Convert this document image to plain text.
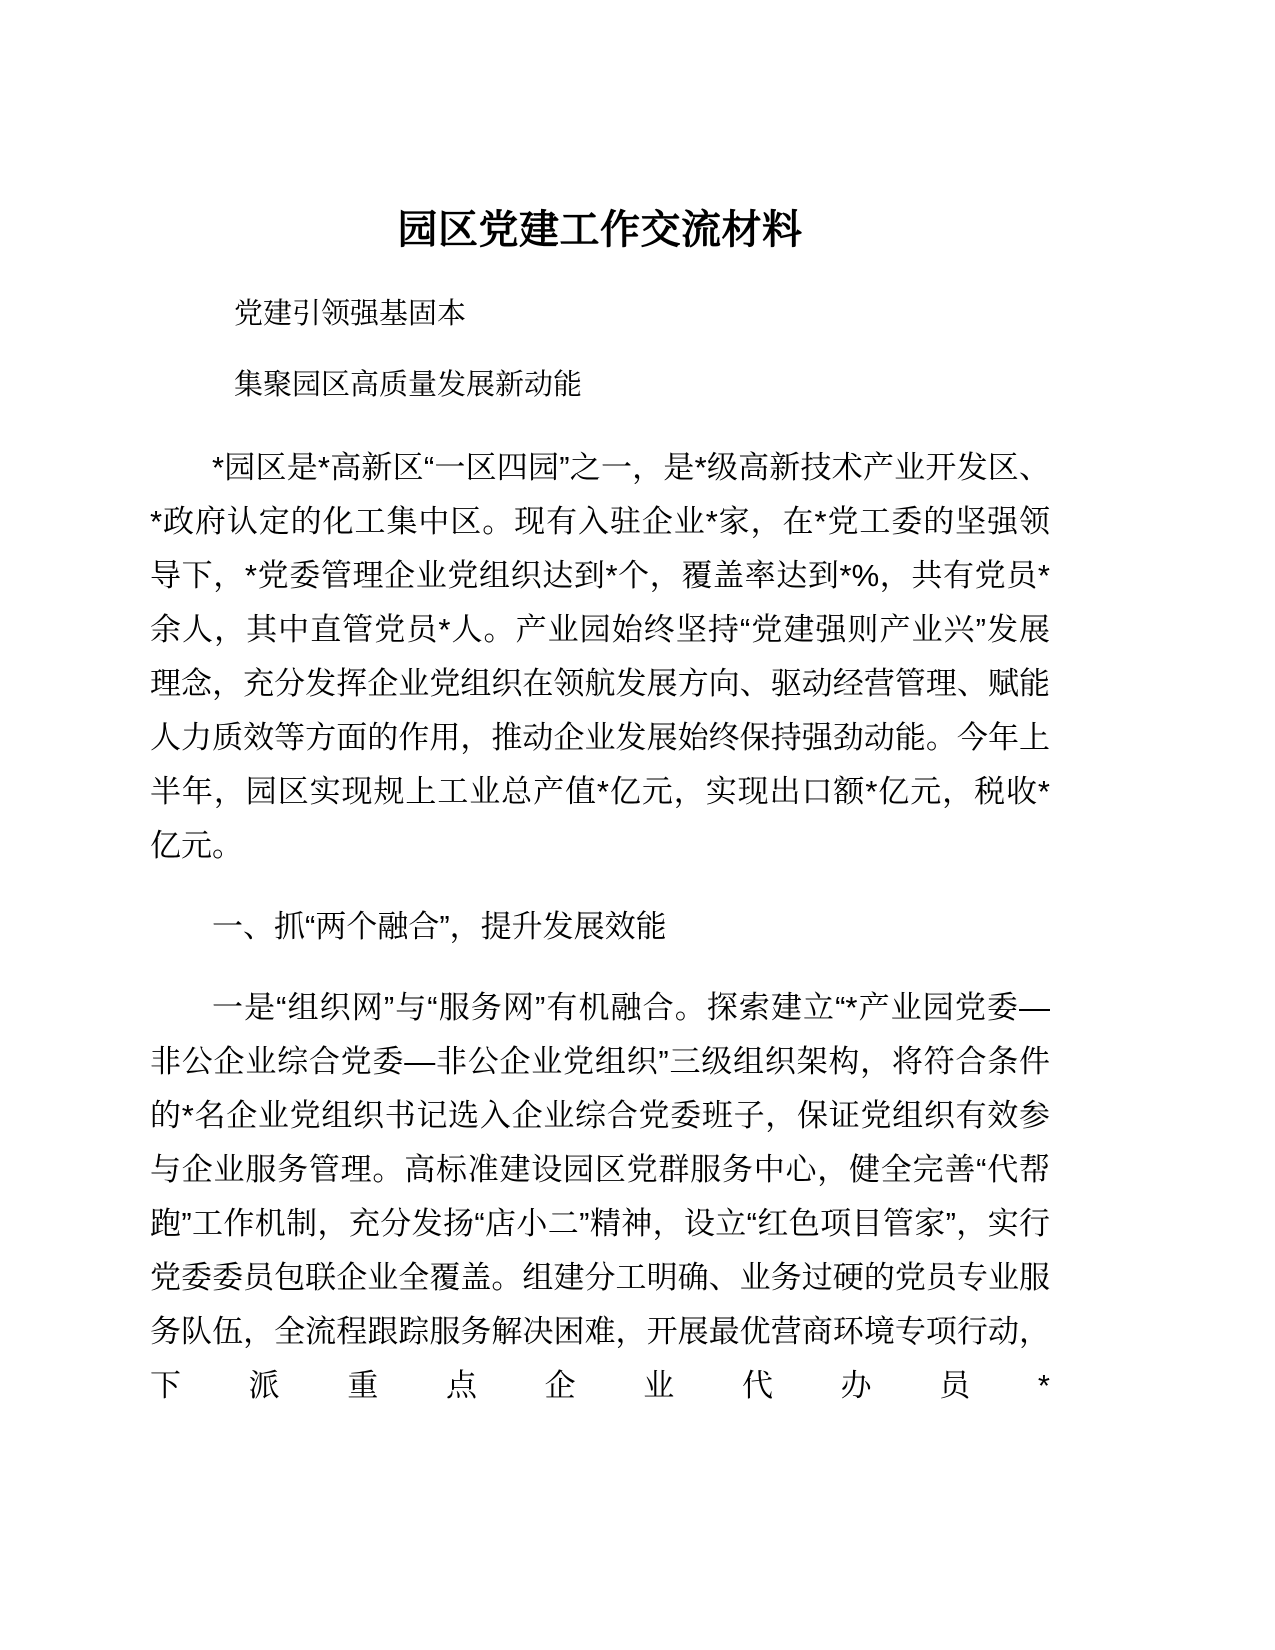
园区党建工作交流材料
党建引领强基固本
集聚园区高质量发展新动能

*园区是*高新区“一区四园”之一，是*级高新技术产业开发区、*政府认定的化工集中区。现有入驻企业*家，在*党工委的坚强领导下，*党委管理企业党组织达到*个，覆盖率达到*%，共有党员*余人，其中直管党员*人。产业园始终坚持“党建强则产业兴”发展理念，充分发挥企业党组织在领航发展方向、驱动经营管理、赋能人力质效等方面的作用，推动企业发展始终保持强劲动能。今年上半年，园区实现规上工业总产值*亿元，实现出口额*亿元，税收*亿元。

一、抓“两个融合”，提升发展效能

一是“组织网”与“服务网”有机融合。探索建立“*产业园党委—非公企业综合党委—非公企业党组织”三级组织架构，将符合条件的*名企业党组织书记选入企业综合党委班子，保证党组织有效参与企业服务管理。高标准建设园区党群服务中心，健全完善“代帮跑”工作机制，充分发扬“店小二”精神，设立“红色项目管家”，实行党委委员包联企业全覆盖。组建分工明确、业务过硬的党员专业服务队伍，全流程跟踪服务解决困难，开展最优营商环境专项行动，下派重点企业代办员*
